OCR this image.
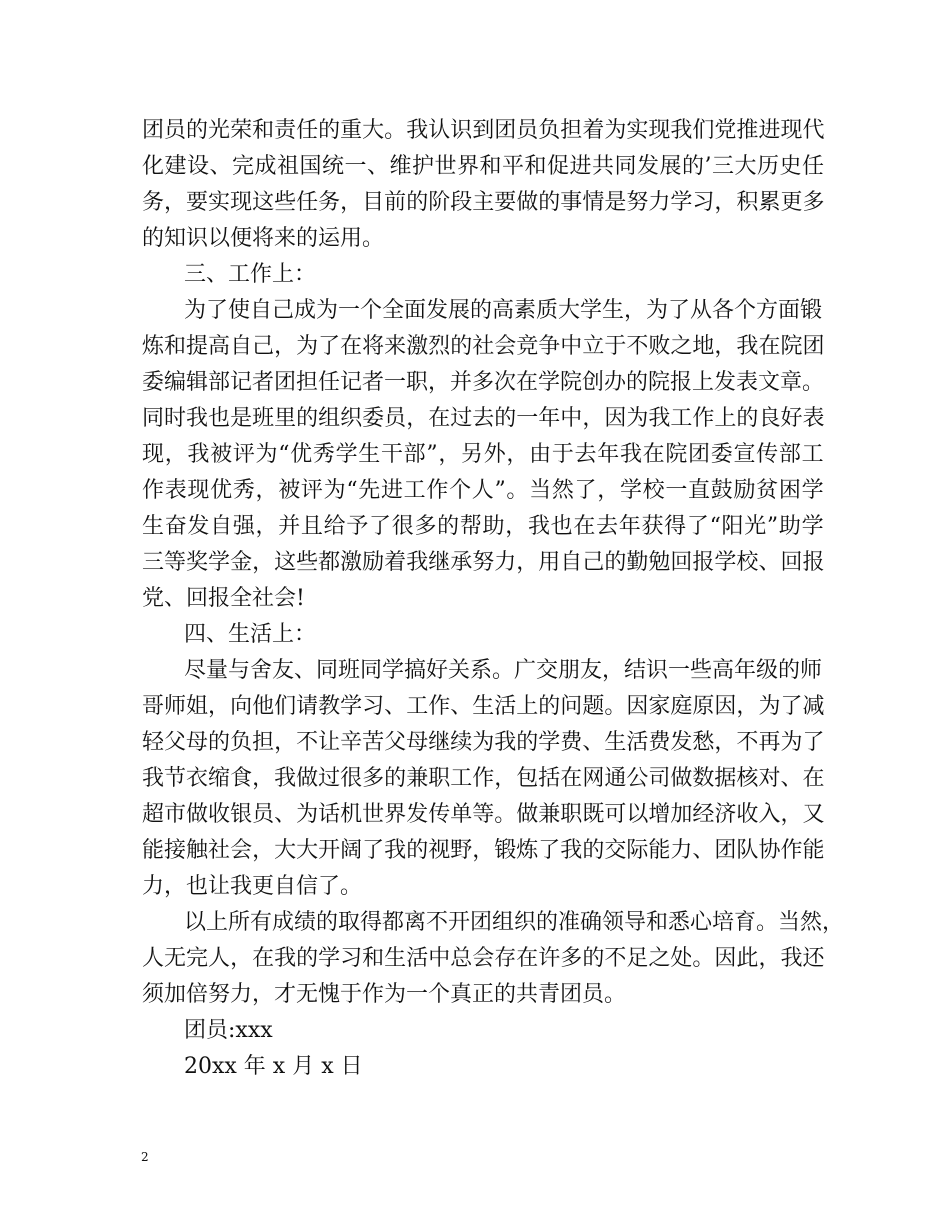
团 员 的 光 荣 和 责 任 的 重 大 。 我 认 识 到 团 员 负 担 着 为 实 现 我 们 党 推 进 现 代
化 建 设 、 完 成 祖 国 统 一 、 维 护 世 界 和 平 和 促 进 共 同 发 展 的 ’ 三 大 历 史 任
务 ， 要 实 现 这 些 任 务 ， 目 前 的 阶 段 主 要 做 的 事 情 是 努 力 学 习 ， 积 累 更 多
的知识以便将来的运用。
三、工作上：
为了使自己成为一个全面发展的高素质大学生，为了从各个方面锻
炼 和 提 高 自 己 ， 为 了 在 将 来 激 烈 的 社 会 竞 争 中 立 于 不 败 之 地 ， 我 在 院 团
委编辑部记者团担任记者一职，并多次在学院创办的院报上发表文章。
同 时 我 也 是 班 里 的 组 织 委 员 ， 在 过 去 的 一 年 中 ， 因 为 我 工 作 上 的 良 好 表
现 ， 我 被 评 为 “ 优 秀 学 生 干 部 ” ， 另 外 ， 由 于 去 年 我 在 院 团 委 宣 传 部 工
作 表 现 优 秀 ， 被 评 为 “ 先 进 工 作 个 人 ” 。 当 然 了 ， 学 校 一 直 鼓 励 贫 困 学
生 奋 发 自 强 ， 并 且 给 予 了 很 多 的 帮 助 ， 我 也 在 去 年 获 得 了 “ 阳 光 ” 助 学
三 等 奖 学 金 ， 这 些 都 激 励 着 我 继 承 努 力 ， 用 自 己 的 勤 勉 回 报 学 校 、 回 报
党、回报全社会!
四、生活上：
尽量与舍友、同班同学搞好关系。广交朋友，结识一些高年级的师
哥 师 姐 ， 向 他 们 请 教 学 习 、 工 作 、 生 活 上 的 问 题 。 因 家 庭 原 因 ， 为 了 减
轻 父 母 的 负 担 ， 不 让 辛 苦 父 母 继 续 为 我 的 学 费 、 生 活 费 发 愁 ， 不 再 为 了
我 节 衣 缩 食 ， 我 做 过 很 多 的 兼 职 工 作 ， 包 括 在 网 通 公 司 做 数 据 核 对 、 在
超 市 做 收 银 员 、 为 话 机 世 界 发 传 单 等 。 做 兼 职 既 可 以 增 加 经 济 收 入 ， 又
能 接 触 社 会 ， 大 大 开 阔 了 我 的 视 野 ， 锻 炼 了 我 的 交 际 能 力 、 团 队 协 作 能
力，也让我更自信了。
以上所有成绩的取得都离不开团组织的准确领导和悉心培育。当然，
人 无 完 人 ， 在 我 的 学 习 和 生 活 中 总 会 存 在 许 多 的 不 足 之 处 。 因 此 ， 我 还
须加倍努力，才无愧于作为一个真正的共青团员。
团员:xxx
20xx 年 x 月 x 日
2
